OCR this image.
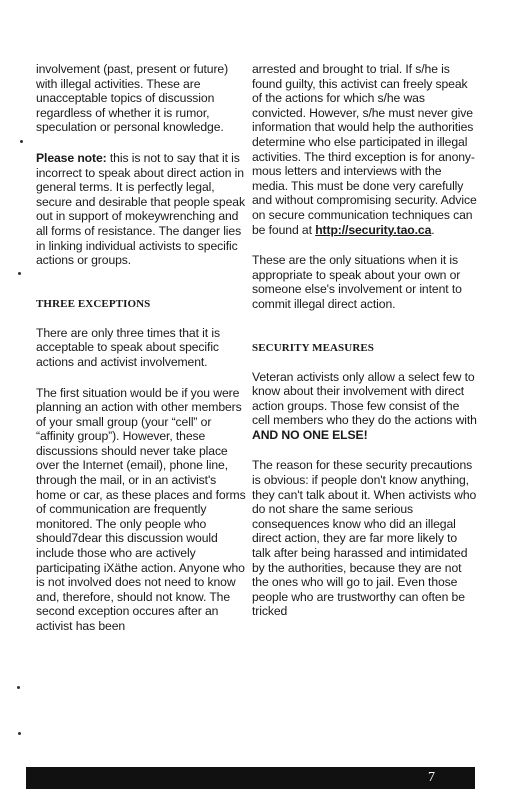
involvement (past, present or future) with illegal activities. These are unacceptable topics of discussion regardless of whether it is rumor, speculation or personal knowledge.

Please note: this is not to say that it is incorrect to speak about direct action in general terms. It is perfectly legal, secure and desirable that people speak out in support of mokeywrenching and all forms of resistance. The danger lies in linking individual activists to specific actions or groups.

THREE EXCEPTIONS

There are only three times that it is acceptable to speak about specific actions and activist involvement.

The first situation would be if you were planning an action with other members of your small group (your “cell” or “affinity group”). However, these discussions should never take place over the Internet (email), phone line, through the mail, or in an activist's home or car, as these places and forms of communication are frequently monitored. The only people who should7dear this discussion would include those who are actively participating iXäthe action. Anyone who is not involved does not need to know and, therefore, should not know. The second exception occures after an activist has been

arrested and brought to trial. If s/he is found guilty, this activist can freely speak of the actions for which s/he was convicted. However, s/he must never give information that would help the authorities determine who else participated in illegal activities. The third exception is for anony-mous letters and interviews with the media. This must be done very carefully and without compromising security. Advice on secure communication techniques can be found at http://security.tao.ca.

These are the only situations when it is appropriate to speak about your own or someone else's involvement or intent to commit illegal direct action.

SECURITY MEASURES

Veteran activists only allow a select few to know about their involvement with direct action groups. Those few consist of the cell members who they do the actions with AND NO ONE ELSE!

The reason for these security precautions is obvious: if people don't know anything, they can't talk about it. When activists who do not share the same serious consequences know who did an illegal direct action, they are far more likely to talk after being harassed and intimidated by the authorities, because they are not the ones who will go to jail. Even those people who are trustworthy can often be tricked

7
